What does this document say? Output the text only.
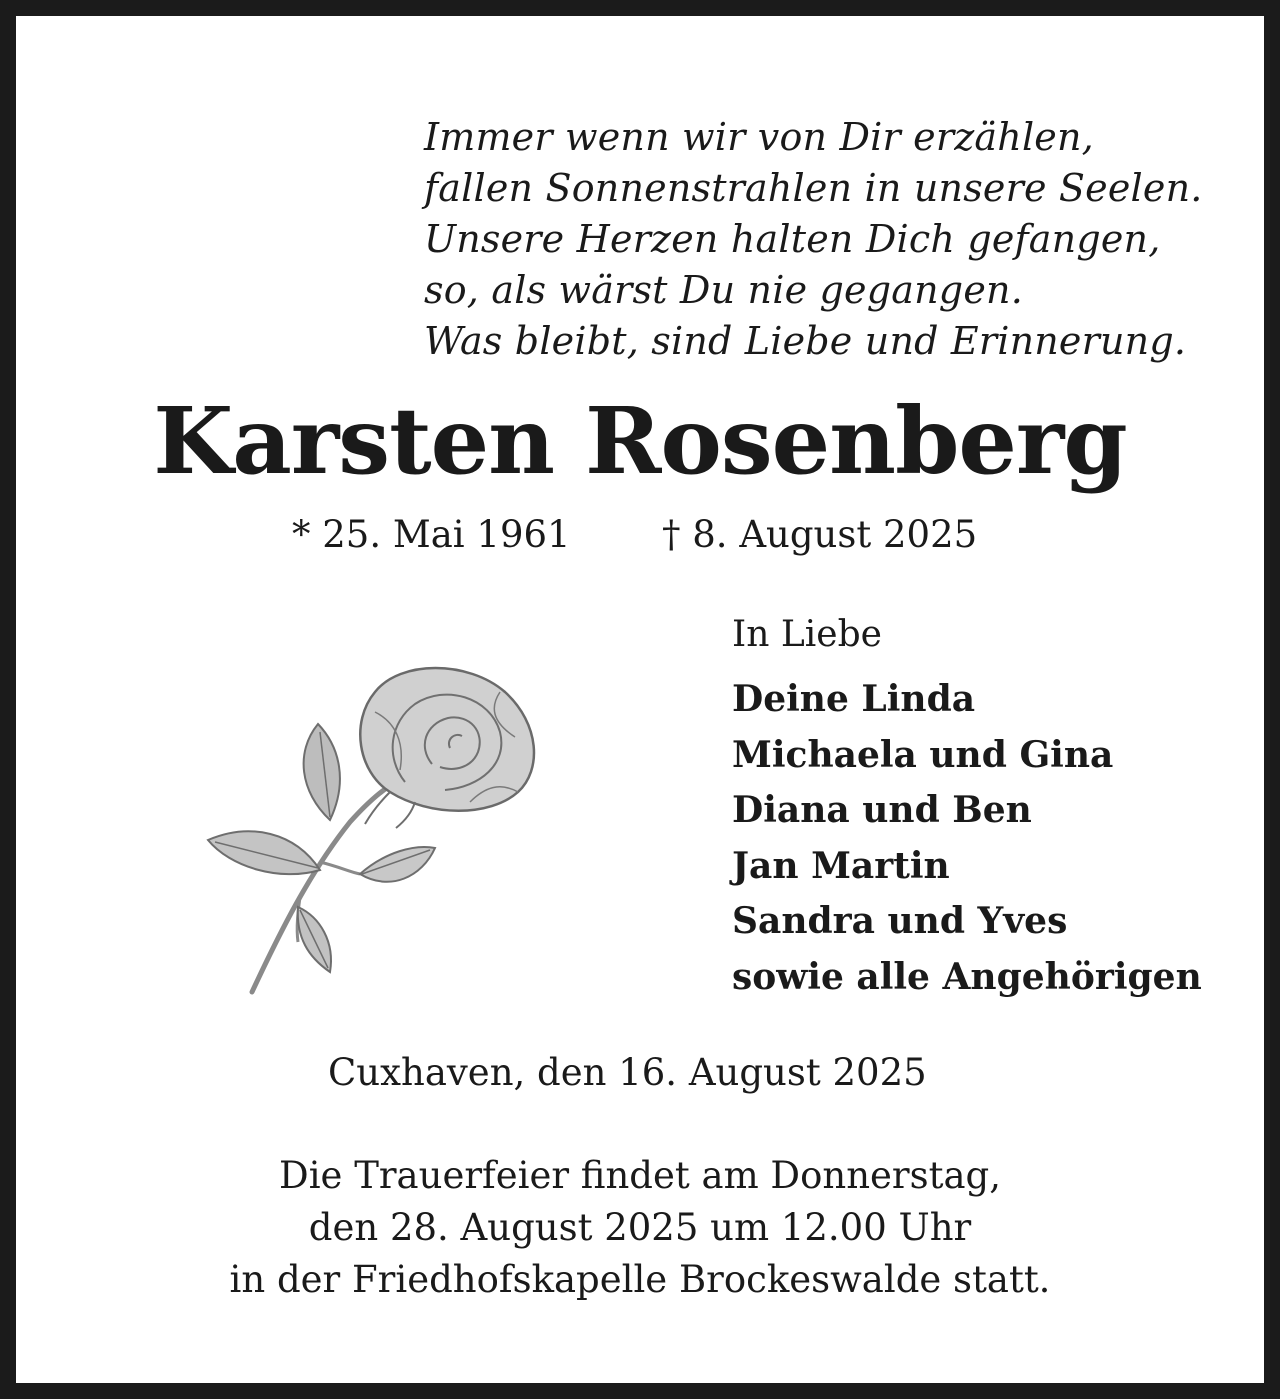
Immer wenn wir von Dir erzählen,
fallen Sonnenstrahlen in unsere Seelen.
Unsere Herzen halten Dich gefangen,
so, als wärst Du nie gegangen.
Was bleibt, sind Liebe und Erinnerung.
Karsten Rosenberg
* 25. Mai 1961 † 8. August 2025
In Liebe
Deine Linda
Michaela und Gina
Diana und Ben
Jan Martin
Sandra und Yves
sowie alle Angehörigen
Cuxhaven, den 16. August 2025
Die Trauerfeier findet am Donnerstag,
den 28. August 2025 um 12.00 Uhr
in der Friedhofskapelle Brockeswalde statt.
